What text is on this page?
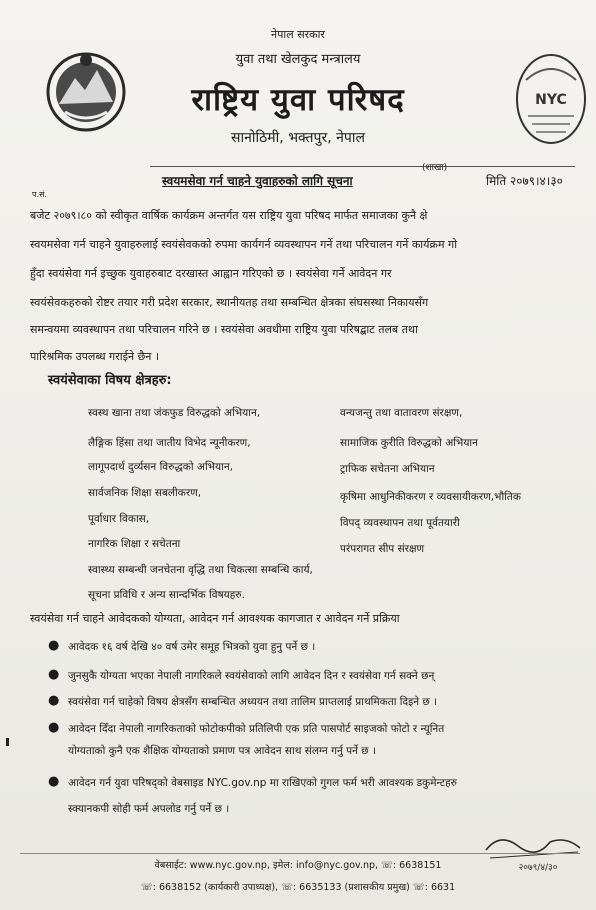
NYC
नेपाल सरकार
युवा तथा खेलकुद मन्त्रालय
राष्ट्रिय युवा परिषद
सानोठिमी, भक्तपुर, नेपाल
(शाखा)
स्वयमसेवा गर्न चाहने युवाहरुको लागि सूचना	मिति २०७९।४।३०
प.सं.
बजेट २०७९।८० को स्वीकृत वार्षिक कार्यक्रम अन्तर्गत यस राष्ट्रिय युवा परिषद मार्फत समाजका कुनै क्षे
स्वयमसेवा गर्न चाहने युवाहरुलाई स्वयंसेवकको रुपमा कार्यगर्न व्यवस्थापन गर्ने तथा परिचालन गर्ने कार्यक्रम गो
हुँदा स्वयंसेवा गर्न इच्छुक युवाहरुबाट दरखास्त आह्वान गरिएको छ । स्वयंसेवा गर्ने आवेदन गर
स्वयंसेवकहरुको रोष्टर तयार गरी प्रदेश सरकार, स्थानीयतह तथा सम्बन्धित क्षेत्रका संघसस्था निकायसँग
समन्वयमा व्यवस्थापन तथा परिचालन गरिने छ । स्वयंसेवा अवधीमा राष्ट्रिय युवा परिषद्बाट तलब तथा
पारिश्रमिक उपलब्ध गराईने छैन ।
स्वयंसेवाका विषय क्षेत्रहरु:
स्वस्थ खाना तथा जंकफुड विरुद्धको अभियान,
लैङ्गिक हिंसा तथा जातीय विभेद न्यूनीकरण,
लागूपदार्थ दुर्व्यसन विरुद्धको अभियान,
सार्वजनिक शिक्षा सबलीकरण,
पूर्वाधार विकास,
नागरिक शिक्षा र सचेतना
वन्यजन्तु तथा वातावरण संरक्षण,
सामाजिक कुरीति विरुद्धको अभियान
ट्राफिक सचेतना अभियान
कृषिमा आधुनिकीकरण र व्यवसायीकरण,भौतिक
विपद् व्यवस्थापन तथा पूर्वतयारी
परंपरागत सीप संरक्षण
स्वास्थ्य सम्बन्धी जनचेतना वृद्धि तथा चिकत्सा सम्बन्धि कार्य,
सूचना प्रविधि र अन्य सान्दर्भिक विषयहरु.
स्वयंसेवा गर्न चाहने आवेदकको योग्यता, आवेदन गर्न आवश्यक कागजात र आवेदन गर्ने प्रक्रिया
● आवेदक १६ वर्ष देखि ४० वर्ष उमेर समूह भित्रको युवा हुनु पर्ने छ ।
● जुनसुकै योग्यता भएका नेपाली नागरिकले स्वयंसेवाको लागि आवेदन दिन र स्वयंसेवा गर्न सक्ने छन्
● स्वयंसेवा गर्न चाहेको विषय क्षेत्रसँग सम्बन्धित अध्ययन तथा तालिम प्राप्तलाई प्राथमिकता दिइने छ ।
● आवेदन दिँदा नेपाली नागरिकताको फोटोकपीको प्रतिलिपी एक प्रति पासपोर्ट साइजको फोटो र न्यूनित
योग्यताको कुनै एक शैक्षिक योग्यताको प्रमाण पत्र आवेदन साथ संलग्न गर्नु पर्ने छ ।
● आवेदन गर्न युवा परिषद्को वेबसाइड NYC.gov.np मा राखिएको गुगल फर्म भरी आवश्यक डकुमेन्टहरु
स्क्यानकपी सोही फर्म अपलोड गर्नु पर्ने छ ।
२०७९/४/३०
वेबसाईट: www.nyc.gov.np, इमेल: info@nyc.gov.np, ☏: 6638151
☏: 6638152 (कार्यकारी उपाध्यक्ष), ☏: 6635133 (प्रशासकीय प्रमुख) ☏: 6631
